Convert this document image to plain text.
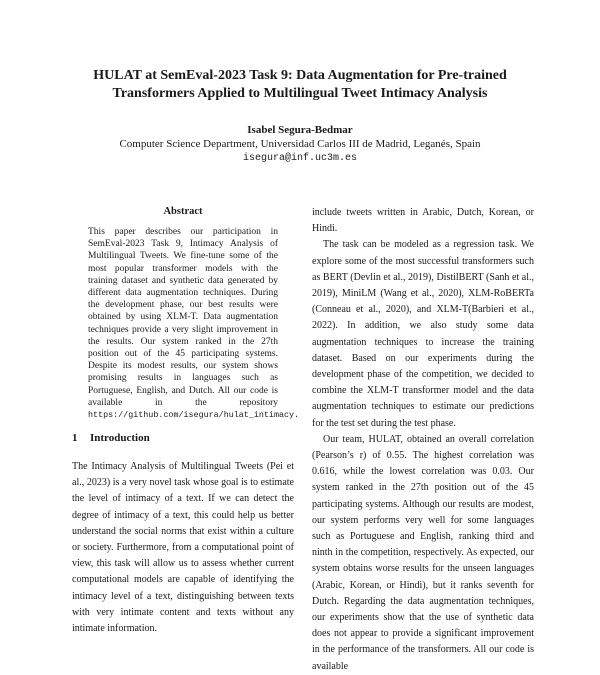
HULAT at SemEval-2023 Task 9: Data Augmentation for Pre-trained
Transformers Applied to Multilingual Tweet Intimacy Analysis
Isabel Segura-Bedmar
Computer Science Department, Universidad Carlos III de Madrid, Leganés, Spain
isegura@inf.uc3m.es
Abstract

This paper describes our participation in SemEval-2023 Task 9, Intimacy Analysis of Multilingual Tweets. We fine-tune some of the most popular transformer models with the training dataset and synthetic data generated by different data augmentation techniques. During the development phase, our best results were obtained by using XLM-T. Data augmentation techniques provide a very slight improvement in the results. Our system ranked in the 27th position out of the 45 participating systems. Despite its modest results, our system shows promising results in languages such as Portuguese, English, and Dutch. All our code is available in the repository https://github.com/isegura/hulat_intimacy.

1 Introduction

The Intimacy Analysis of Multilingual Tweets (Pei et al., 2023) is a very novel task whose goal is to estimate the level of intimacy of a text. If we can detect the degree of intimacy of a text, this could help us better understand the social norms that exist within a culture or society. Furthermore, from a computational point of view, this task will allow us to assess whether current computational models are capable of identifying the intimacy level of a text, distinguishing between texts with very intimate content and texts without any intimate information.

include tweets written in Arabic, Dutch, Korean, or Hindi.

The task can be modeled as a regression task. We explore some of the most successful transformers such as BERT (Devlin et al., 2019), DistilBERT (Sanh et al., 2019), MiniLM (Wang et al., 2020), XLM-RoBERTa (Conneau et al., 2020), and XLM-T(Barbieri et al., 2022). In addition, we also study some data augmentation techniques to increase the training dataset. Based on our experiments during the development phase of the competition, we decided to combine the XLM-T transformer model and the data augmentation techniques to estimate our predictions for the test set during the test phase.

Our team, HULAT, obtained an overall correlation (Pearson’s r) of 0.55. The highest correlation was 0.616, while the lowest correlation was 0.03. Our system ranked in the 27th position out of the 45 participating systems. Although our results are modest, our system performs very well for some languages such as Portuguese and English, ranking third and ninth in the competition, respectively. As expected, our system obtains worse results for the unseen languages (Arabic, Korean, or Hindi), but it ranks seventh for Dutch. Regarding the data augmentation techniques, our experiments show that the use of synthetic data does not appear to provide a significant improvement in the performance of the transformers. All our code is available
